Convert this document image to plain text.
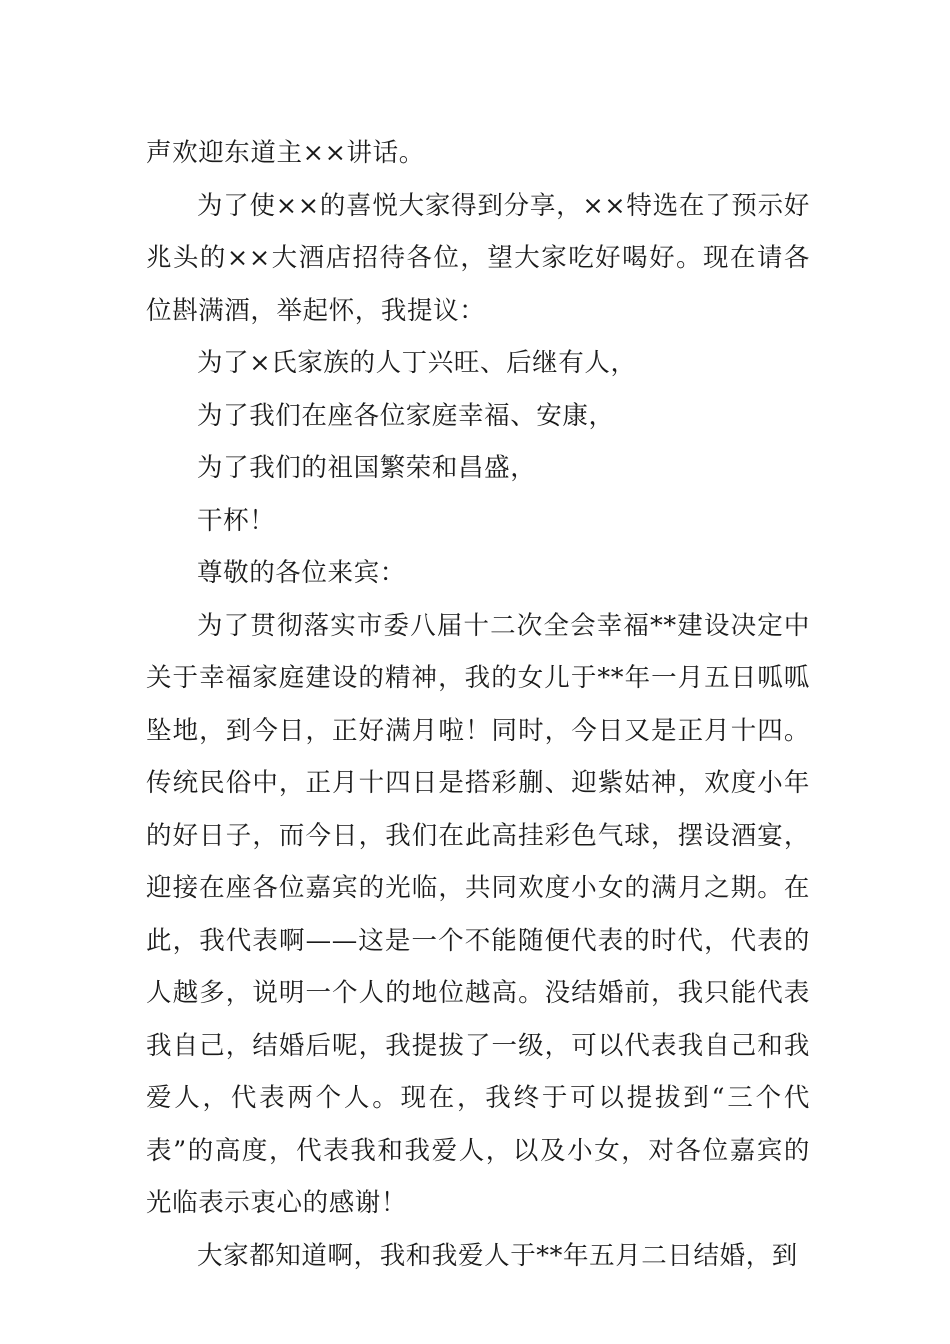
声欢迎东道主××讲话。

为了使××的喜悦大家得到分享，××特选在了预示好兆头的××大酒店招待各位，望大家吃好喝好。现在请各位斟满酒，举起怀，我提议：

为了×氏家族的人丁兴旺、后继有人，

为了我们在座各位家庭幸福、安康，

为了我们的祖国繁荣和昌盛，

干杯！

尊敬的各位来宾：

为了贯彻落实市委八届十二次全会幸福**建设决定中关于幸福家庭建设的精神，我的女儿于**年一月五日呱呱坠地，到今日，正好满月啦！同时，今日又是正月十四。传统民俗中，正月十四日是搭彩蒯、迎紫姑神，欢度小年的好日子，而今日，我们在此高挂彩色气球，摆设酒宴，迎接在座各位嘉宾的光临，共同欢度小女的满月之期。在此，我代表啊——这是一个不能随便代表的时代，代表的人越多，说明一个人的地位越高。没结婚前，我只能代表我自己，结婚后呢，我提拔了一级，可以代表我自己和我爱人，代表两个人。现在，我终于可以提拔到“三个代表”的高度，代表我和我爱人，以及小女，对各位嘉宾的光临表示衷心的感谢！

大家都知道啊，我和我爱人于**年五月二日结婚，到
